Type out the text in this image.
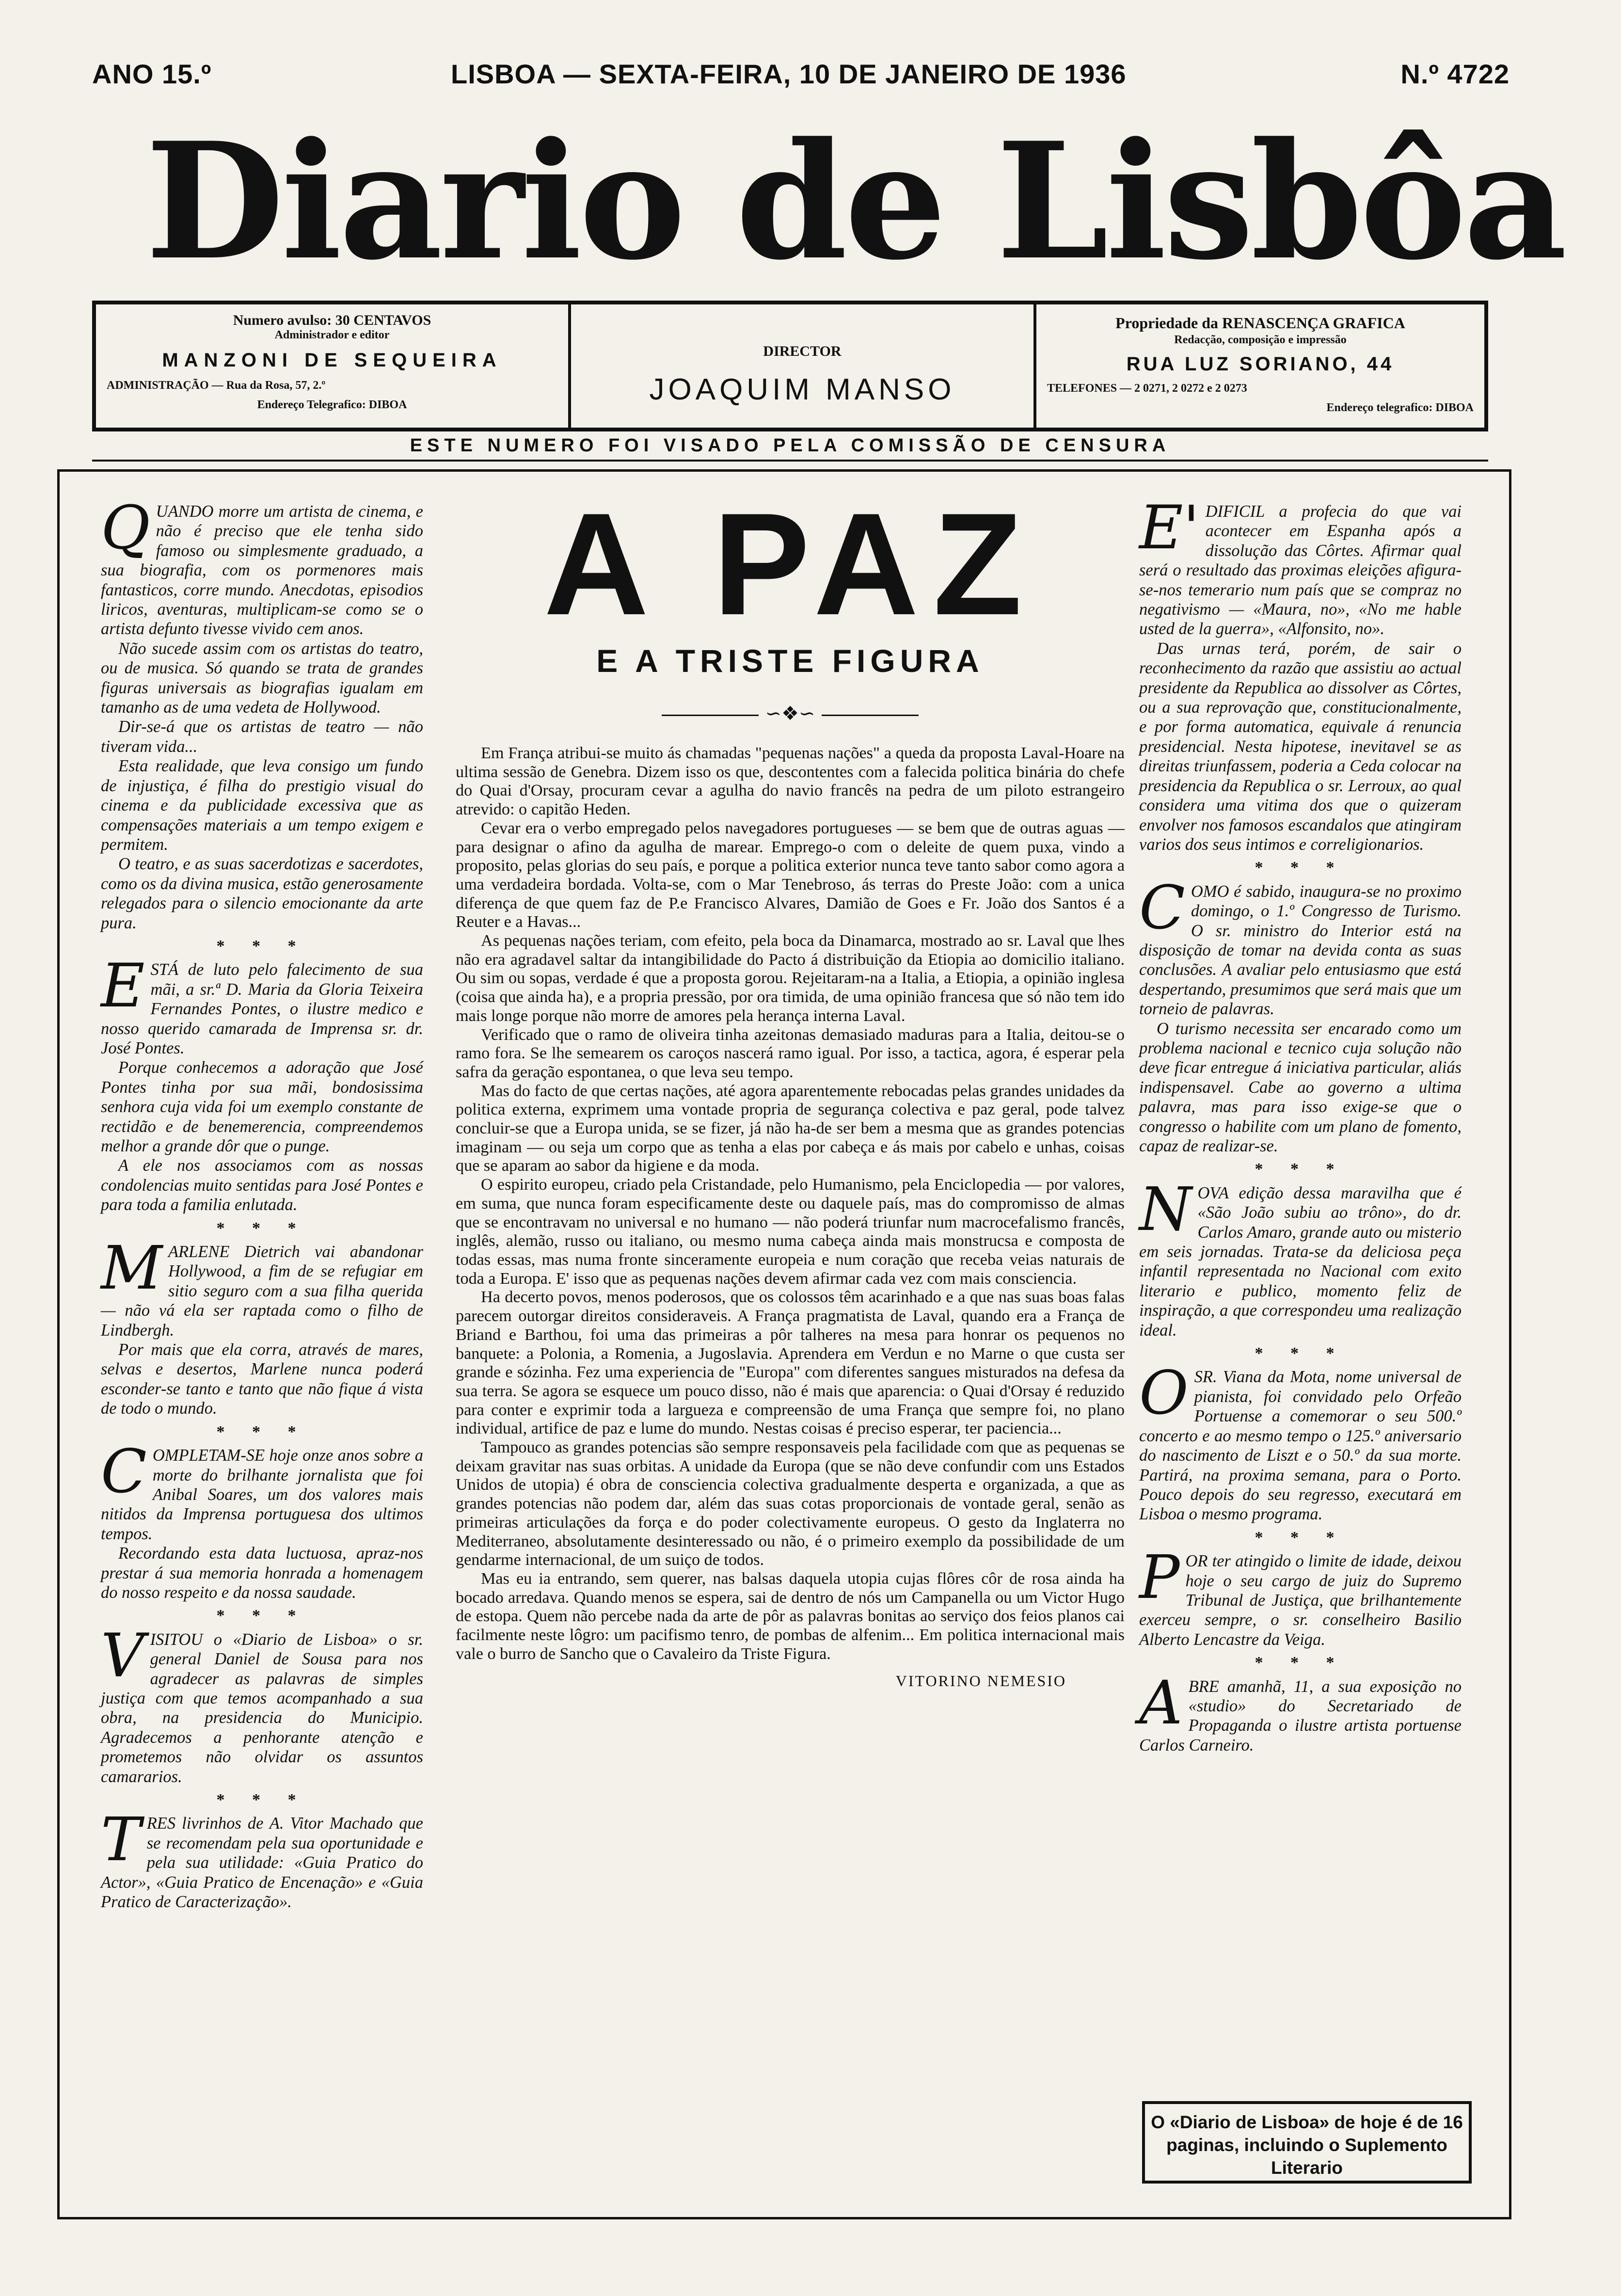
ANO 15.º	LISBOA — SEXTA-FEIRA, 10 DE JANEIRO DE 1936	N.º 4722
Diario de Lisbôa
Numero avulso: 30 CENTAVOS
Administrador e editor
MANZONI DE SEQUEIRA
ADMINISTRAÇÃO — Rua da Rosa, 57, 2.º
Endereço Telegrafico: DIBOA
DIRECTOR
JOAQUIM MANSO
Propriedade da RENASCENÇA GRAFICA
Redacção, composição e impressão
RUA LUZ SORIANO, 44
TELEFONES — 2 0271, 2 0272 e 2 0273
Endereço telegrafico: DIBOA
ESTE NUMERO FOI VISADO PELA COMISSÃO DE CENSURA

QUANDO morre um artista de cinema, e não é preciso que ele tenha sido famoso ou simplesmente graduado, a sua biografia, com os pormenores mais fantasticos, corre mundo. Anecdotas, episodios liricos, aventuras, multiplicam-se como se o artista defunto tivesse vivido cem anos.

Não sucede assim com os artistas do teatro, ou de musica. Só quando se trata de grandes figuras universais as biografias igualam em tamanho as de uma vedeta de Hollywood.

Dir-se-á que os artistas de teatro — não tiveram vida...

Esta realidade, que leva consigo um fundo de injustiça, é filha do prestigio visual do cinema e da publicidade excessiva que as compensações materiais a um tempo exigem e permitem.

O teatro, e as suas sacerdotizas e sacerdotes, como os da divina musica, estão generosamente relegados para o silencio emocionante da arte pura.

* * *

ESTÁ de luto pelo falecimento de sua mãi, a sr.ª D. Maria da Gloria Teixeira Fernandes Pontes, o ilustre medico e nosso querido camarada de Imprensa sr. dr. José Pontes.

Porque conhecemos a adoração que José Pontes tinha por sua mãi, bondosissima senhora cuja vida foi um exemplo constante de rectidão e de benemerencia, compreendemos melhor a grande dôr que o punge.

A ele nos associamos com as nossas condolencias muito sentidas para José Pontes e para toda a familia enlutada.

* * *

MARLENE Dietrich vai abandonar Hollywood, a fim de se refugiar em sitio seguro com a sua filha querida — não vá ela ser raptada como o filho de Lindbergh.

Por mais que ela corra, através de mares, selvas e desertos, Marlene nunca poderá esconder-se tanto e tanto que não fique á vista de todo o mundo.

* * *

COMPLETAM-SE hoje onze anos sobre a morte do brilhante jornalista que foi Anibal Soares, um dos valores mais nitidos da Imprensa portuguesa dos ultimos tempos.

Recordando esta data luctuosa, apraz-nos prestar á sua memoria honrada a homenagem do nosso respeito e da nossa saudade.

* * *

VISITOU o «Diario de Lisboa» o sr. general Daniel de Sousa para nos agradecer as palavras de simples justiça com que temos acompanhado a sua obra, na presidencia do Municipio. Agradecemos a penhorante atenção e prometemos não olvidar os assuntos camararios.

* * *

TRES livrinhos de A. Vitor Machado que se recomendam pela sua oportunidade e pela sua utilidade: «Guia Pratico do Actor», «Guia Pratico de Encenação» e «Guia Pratico de Caracterização».

A PAZ
E A TRISTE FIGURA
∽❖∽

Em França atribui-se muito ás chamadas "pequenas nações" a queda da proposta Laval-Hoare na ultima sessão de Genebra. Dizem isso os que, descontentes com a falecida politica binária do chefe do Quai d'Orsay, procuram cevar a agulha do navio francês na pedra de um piloto estrangeiro atrevido: o capitão Heden.

Cevar era o verbo empregado pelos navegadores portugueses — se bem que de outras aguas — para designar o afino da agulha de marear. Emprego-o com o deleite de quem puxa, vindo a proposito, pelas glorias do seu país, e porque a politica exterior nunca teve tanto sabor como agora a uma verdadeira bordada. Volta-se, com o Mar Tenebroso, ás terras do Preste João: com a unica diferença de que quem faz de P.e Francisco Alvares, Damião de Goes e Fr. João dos Santos é a Reuter e a Havas...

As pequenas nações teriam, com efeito, pela boca da Dinamarca, mostrado ao sr. Laval que lhes não era agradavel saltar da intangibilidade do Pacto á distribuição da Etiopia ao domicilio italiano. Ou sim ou sopas, verdade é que a proposta gorou. Rejeitaram-na a Italia, a Etiopia, a opinião inglesa (coisa que ainda ha), e a propria pressão, por ora timida, de uma opinião francesa que só não tem ido mais longe porque não morre de amores pela herança interna Laval.

Verificado que o ramo de oliveira tinha azeitonas demasiado maduras para a Italia, deitou-se o ramo fora. Se lhe semearem os caroços nascerá ramo igual. Por isso, a tactica, agora, é esperar pela safra da geração espontanea, o que leva seu tempo.

Mas do facto de que certas nações, até agora aparentemente rebocadas pelas grandes unidades da politica externa, exprimem uma vontade propria de segurança colectiva e paz geral, pode talvez concluir-se que a Europa unida, se se fizer, já não ha-de ser bem a mesma que as grandes potencias imaginam — ou seja um corpo que as tenha a elas por cabeça e ás mais por cabelo e unhas, coisas que se aparam ao sabor da higiene e da moda.

O espirito europeu, criado pela Cristandade, pelo Humanismo, pela Enciclopedia — por valores, em suma, que nunca foram especificamente deste ou daquele país, mas do compromisso de almas que se encontravam no universal e no humano — não poderá triunfar num macrocefalismo francês, inglês, alemão, russo ou italiano, ou mesmo numa cabeça ainda mais monstrucsa e composta de todas essas, mas numa fronte sinceramente europeia e num coração que receba veias naturais de toda a Europa. E' isso que as pequenas nações devem afirmar cada vez com mais consciencia.

Ha decerto povos, menos poderosos, que os colossos têm acarinhado e a que nas suas boas falas parecem outorgar direitos consideraveis. A França pragmatista de Laval, quando era a França de Briand e Barthou, foi uma das primeiras a pôr talheres na mesa para honrar os pequenos no banquete: a Polonia, a Romenia, a Jugoslavia. Aprendera em Verdun e no Marne o que custa ser grande e sózinha. Fez uma experiencia de "Europa" com diferentes sangues misturados na defesa da sua terra. Se agora se esquece um pouco disso, não é mais que aparencia: o Quai d'Orsay é reduzido para conter e exprimir toda a largueza e compreensão de uma França que sempre foi, no plano individual, artifice de paz e lume do mundo. Nestas coisas é preciso esperar, ter paciencia...

Tampouco as grandes potencias são sempre responsaveis pela facilidade com que as pequenas se deixam gravitar nas suas orbitas. A unidade da Europa (que se não deve confundir com uns Estados Unidos de utopia) é obra de consciencia colectiva gradualmente desperta e organizada, a que as grandes potencias não podem dar, além das suas cotas proporcionais de vontade geral, senão as primeiras articulações da força e do poder colectivamente europeus. O gesto da Inglaterra no Mediterraneo, absolutamente desinteressado ou não, é o primeiro exemplo da possibilidade de um gendarme internacional, de um suiço de todos.

Mas eu ia entrando, sem querer, nas balsas daquela utopia cujas flôres côr de rosa ainda ha bocado arredava. Quando menos se espera, sai de dentro de nós um Campanella ou um Victor Hugo de estopa. Quem não percebe nada da arte de pôr as palavras bonitas ao serviço dos feios planos cai facilmente neste lôgro: um pacifismo tenro, de pombas de alfenim... Em politica internacional mais vale o burro de Sancho que o Cavaleiro da Triste Figura.

VITORINO NEMESIO

E' DIFICIL a profecia do que vai acontecer em Espanha após a dissolução das Côrtes. Afirmar qual será o resultado das proximas eleições afigura-se-nos temerario num país que se compraz no negativismo — «Maura, no», «No me hable usted de la guerra», «Alfonsito, no».

Das urnas terá, porém, de sair o reconhecimento da razão que assistiu ao actual presidente da Republica ao dissolver as Côrtes, ou a sua reprovação que, constitucionalmente, e por forma automatica, equivale á renuncia presidencial. Nesta hipotese, inevitavel se as direitas triunfassem, poderia a Ceda colocar na presidencia da Republica o sr. Lerroux, ao qual considera uma vitima dos que o quizeram envolver nos famosos escandalos que atingiram varios dos seus intimos e correligionarios.

* * *

COMO é sabido, inaugura-se no proximo domingo, o 1.º Congresso de Turismo. O sr. ministro do Interior está na disposição de tomar na devida conta as suas conclusões. A avaliar pelo entusiasmo que está despertando, presumimos que será mais que um torneio de palavras.

O turismo necessita ser encarado como um problema nacional e tecnico cuja solução não deve ficar entregue á iniciativa particular, aliás indispensavel. Cabe ao governo a ultima palavra, mas para isso exige-se que o congresso o habilite com um plano de fomento, capaz de realizar-se.

* * *

NOVA edição dessa maravilha que é «São João subiu ao trôno», do dr. Carlos Amaro, grande auto ou misterio em seis jornadas. Trata-se da deliciosa peça infantil representada no Nacional com exito literario e publico, momento feliz de inspiração, a que correspondeu uma realização ideal.

* * *

OSR. Viana da Mota, nome universal de pianista, foi convidado pelo Orfeão Portuense a comemorar o seu 500.º concerto e ao mesmo tempo o 125.º aniversario do nascimento de Liszt e o 50.º da sua morte. Partirá, na proxima semana, para o Porto. Pouco depois do seu regresso, executará em Lisboa o mesmo programa.

* * *

POR ter atingido o limite de idade, deixou hoje o seu cargo de juiz do Supremo Tribunal de Justiça, que brilhantemente exerceu sempre, o sr. conselheiro Basilio Alberto Lencastre da Veiga.

* * *

ABRE amanhã, 11, a sua exposição no «studio» do Secretariado de Propaganda o ilustre artista portuense Carlos Carneiro.

O «Diario de Lisboa» de hoje é de 16 paginas, incluindo o Suplemento Literario
